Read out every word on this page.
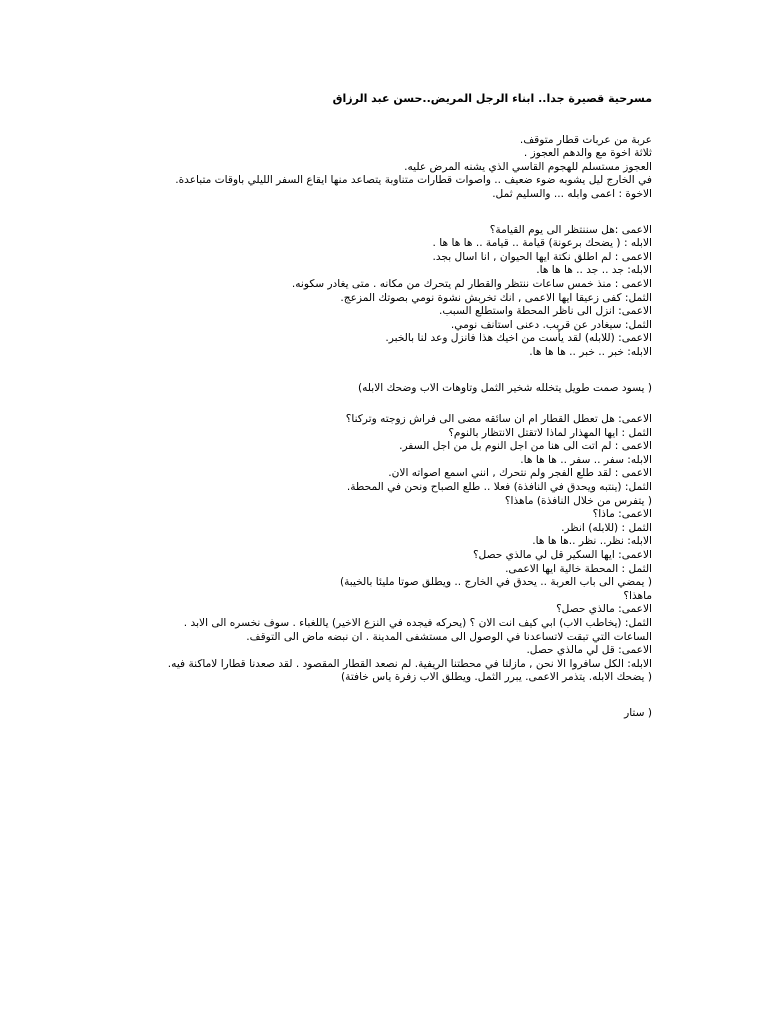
مسرحية قصيرة جدا.. ابناء الرجل المريض..حسن عبد الرزاق
عربة من عربات قطار متوقف.
ثلاثة اخوة مع والدهم العجوز .
العجوز مستسلم للهجوم القاسي الذي يشنه المرض عليه.
في الخارج ليل يشوبه ضوء ضعيف .. واصوات قطارات متناوبة يتصاعد منها ايقاع السفر الليلي باوقات متباعدة.
الاخوة : اعمى وابله ... والسليم ثمل.
الاعمى :هل سننتظر الى يوم القيامة؟
الابله : ( يضحك برعونة) قيامة .. قيامة .. ها ها ها .
الاعمى : لم اطلق نكتة ايها الحيوان , انا اسال بجد.
الابله: جد .. جد .. ها ها ها.
الاعمى : منذ خمس ساعات ننتظر والقطار لم يتحرك من مكانه . متى يغادر سكونه.
الثمل: كفى زعيقا ايها الاعمى , انك تخربش نشوة نومي بصوتك المزعج.
الاعمى: انزل الى ناظر المحطة واستطلع السبب.
الثمل: سيغادر عن قريب. دعنى استانف نومي.
الاعمى: (للابله) لقد يأست من اخيك هذا فانزل وعد لنا بالخبر.
الابله: خبر .. خبر .. ها ها ها.
( يسود صمت طويل يتخلله شخير الثمل وتاوهات الاب وضحك الابله)
الاعمى: هل تعطل القطار ام ان سائقه مضى الى فراش زوجته وتركنا؟
الثمل : ايها المهذار لماذا لاتقتل الانتظار بالنوم؟
الاعمى : لم اتت الى هنا من اجل النوم بل من اجل السفر.
الابله: سفر .. سفر .. ها ها ها.
الاعمى : لقد طلع الفجر ولم نتحرك , انني اسمع اصواته الان.
الثمل: (ينتبه ويحدق في النافذة) فعلا .. طلع الصباح ونحن في المحطة.
( يتفرس من خلال النافذة) ماهذا؟
الاعمى: ماذا؟
الثمل : (للابله) انظر.
الابله: نظر.. نظر ..ها ها ها.
الاعمى: ايها السكير قل لي مالذي حصل؟
الثمل : المحطة خالية ايها الاعمى.
( يمضي الى باب العربة .. يحدق في الخارج .. ويطلق صوتا مليئا بالخيبة)
ماهذا؟
الاعمى: مالذي حصل؟
الثمل: (يخاطب الاب) ابي كيف انت الان ؟ (يحركه فيجده في النزع الاخير) ياللغباء . سوف نخسره الى الابد .
الساعات التي تبقت لاتساعدنا في الوصول الى مستشفى المدينة . ان نبضه ماض الى التوقف.
الاعمى: قل لي مالذي حصل.
الابله: الكل سافروا الا نحن , مازلنا في محطتنا الريفية. لم نصعد القطار المقصود . لقد صعدنا قطارا لاماكنة فيه.
( يضحك الابله. يتذمر الاعمى. يبرر الثمل. ويطلق الاب زفرة ياس خافتة)
( ستار
